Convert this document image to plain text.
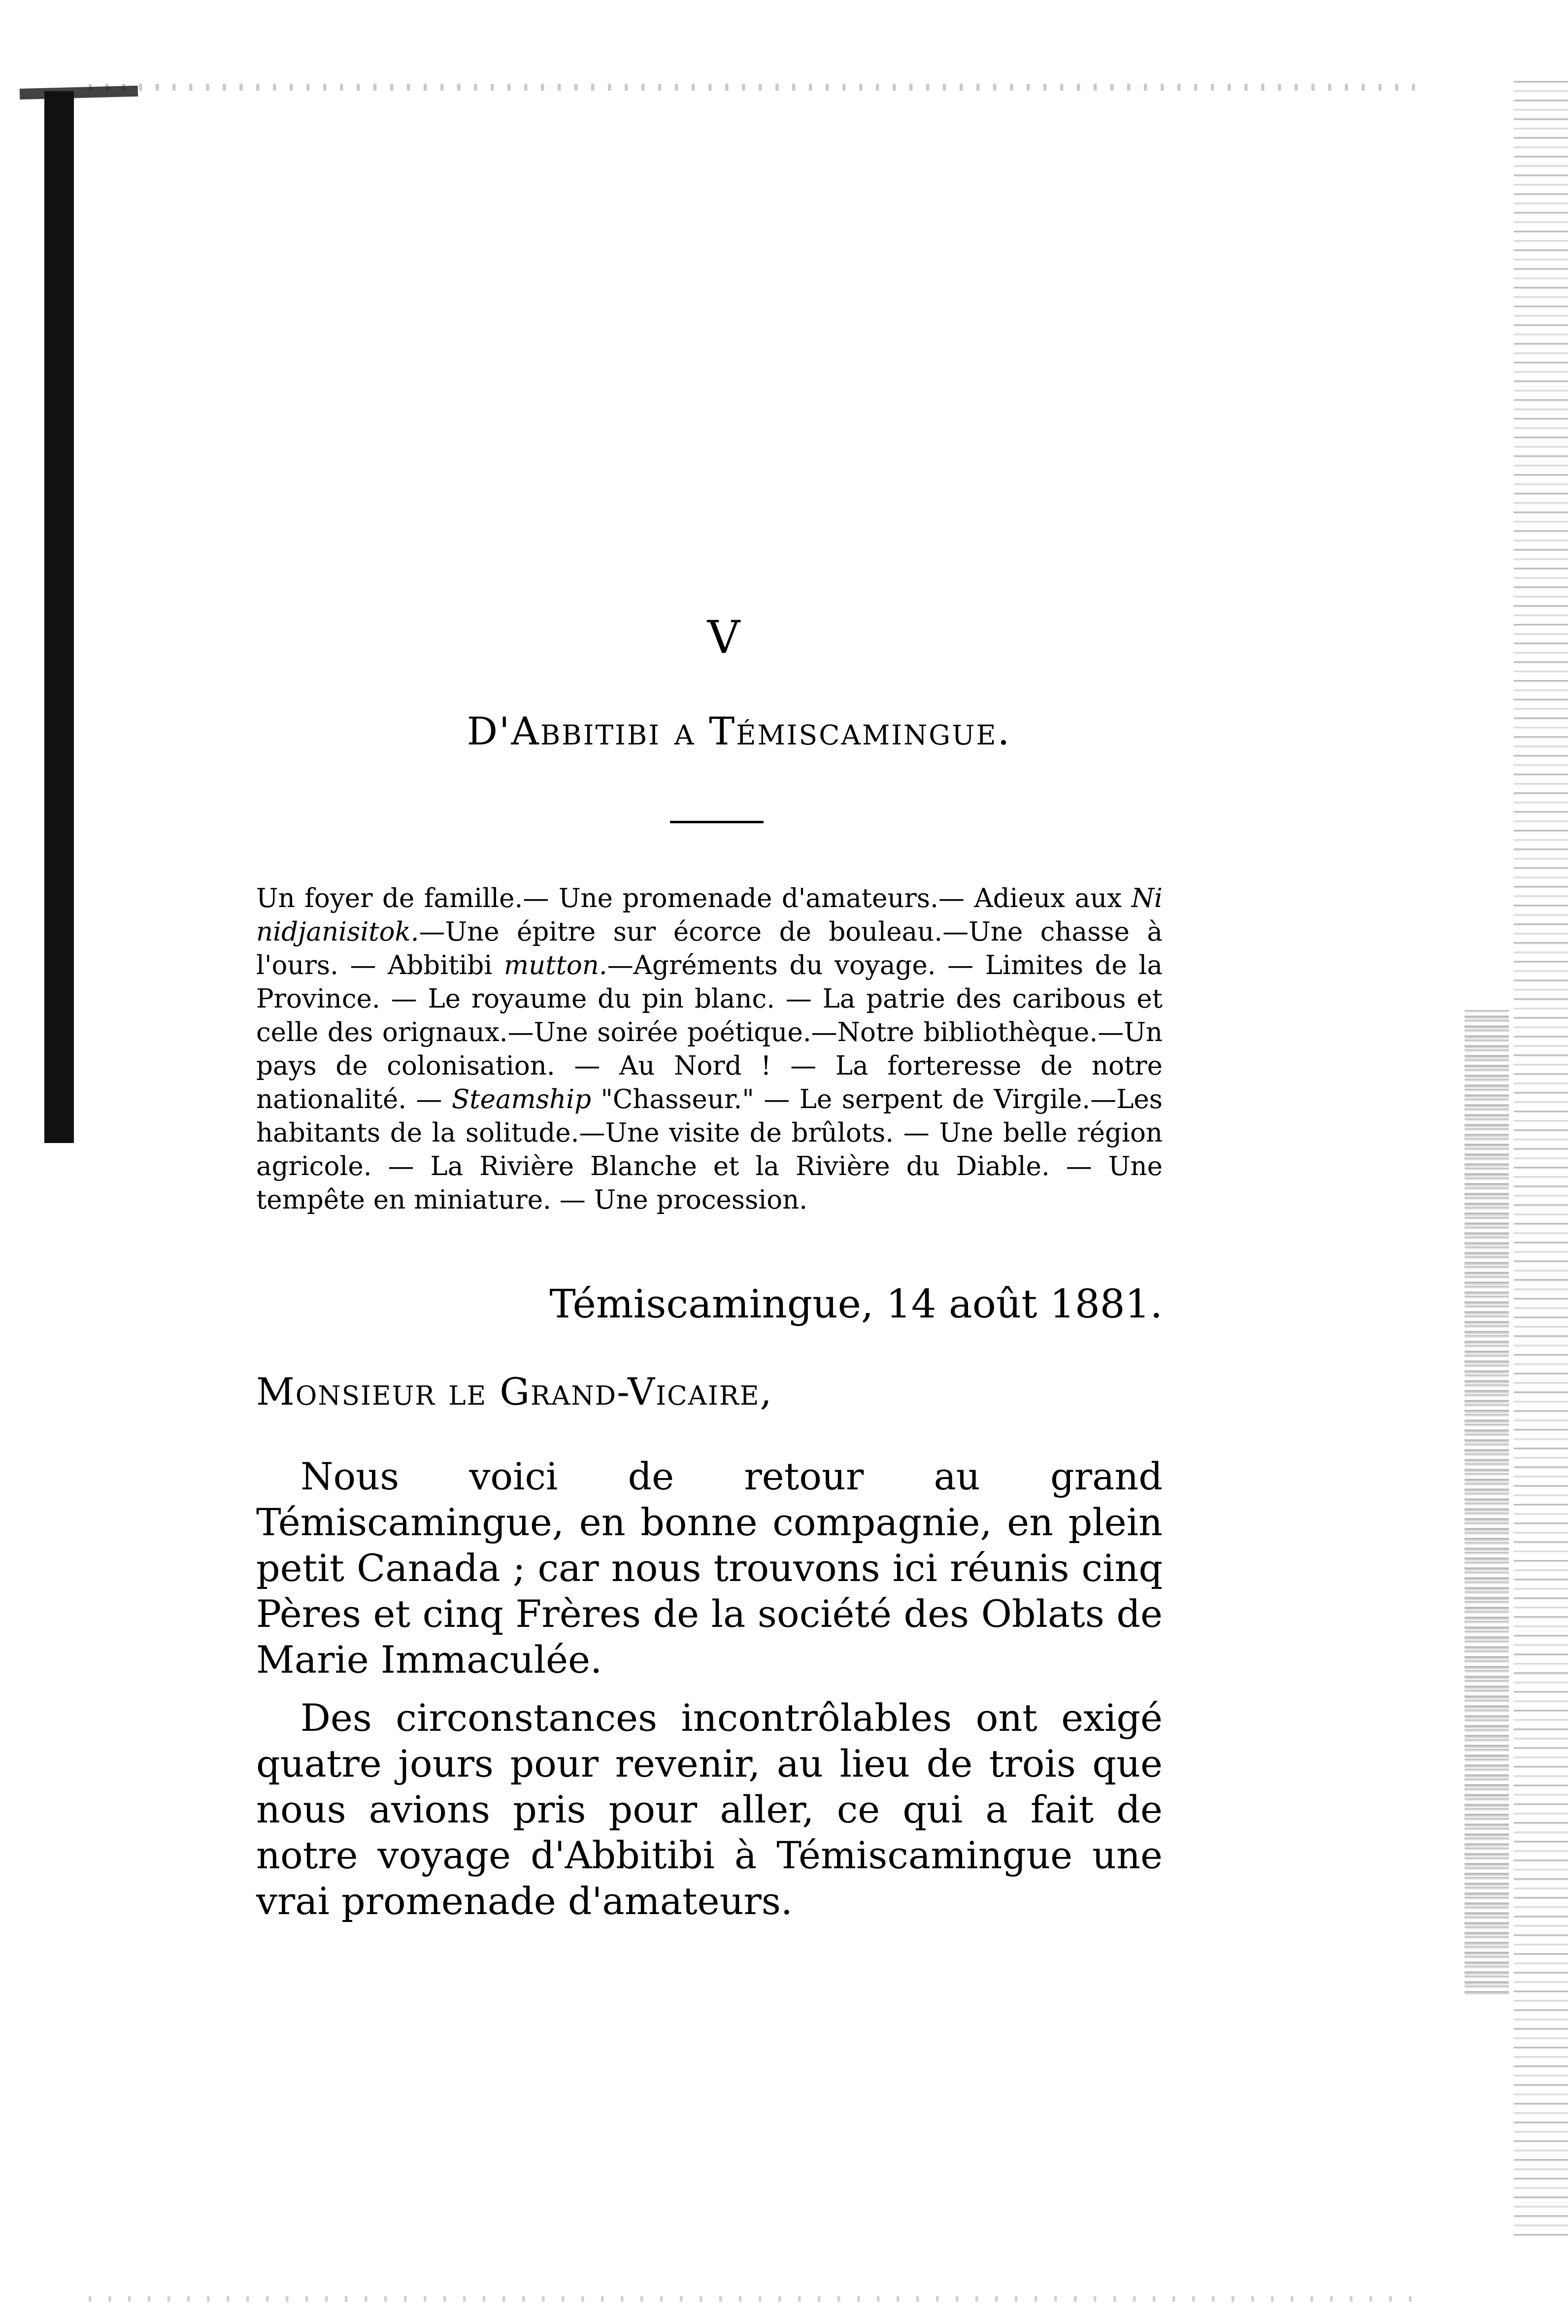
V
D'Abbitibi a Témiscamingue.

Un foyer de famille.— Une promenade d'amateurs.— Adieux aux Ni nidjanisitok.—Une épitre sur écorce de bouleau.—Une chasse à l'ours. — Abbitibi mutton.—Agréments du voyage. — Limites de la Province. — Le royaume du pin blanc. — La patrie des caribous et celle des orignaux.—Une soirée poétique.—Notre bibliothèque.—Un pays de colonisation. — Au Nord ! — La forteresse de notre nationalité. — Steamship "Chasseur." — Le serpent de Virgile.—Les habitants de la solitude.—Une visite de brûlots. — Une belle région agricole. — La Rivière Blanche et la Rivière du Diable. — Une tempête en miniature. — Une procession.

Témiscamingue, 14 août 1881.
Monsieur le Grand-Vicaire,

Nous voici de retour au grand Témiscamingue, en bonne compagnie, en plein petit Canada ; car nous trouvons ici réunis cinq Pères et cinq Frères de la société des Oblats de Marie Immaculée.

Des circonstances incontrôlables ont exigé quatre jours pour revenir, au lieu de trois que nous avions pris pour aller, ce qui a fait de notre voyage d'Abbitibi à Témiscamingue une vrai promenade d'amateurs.
